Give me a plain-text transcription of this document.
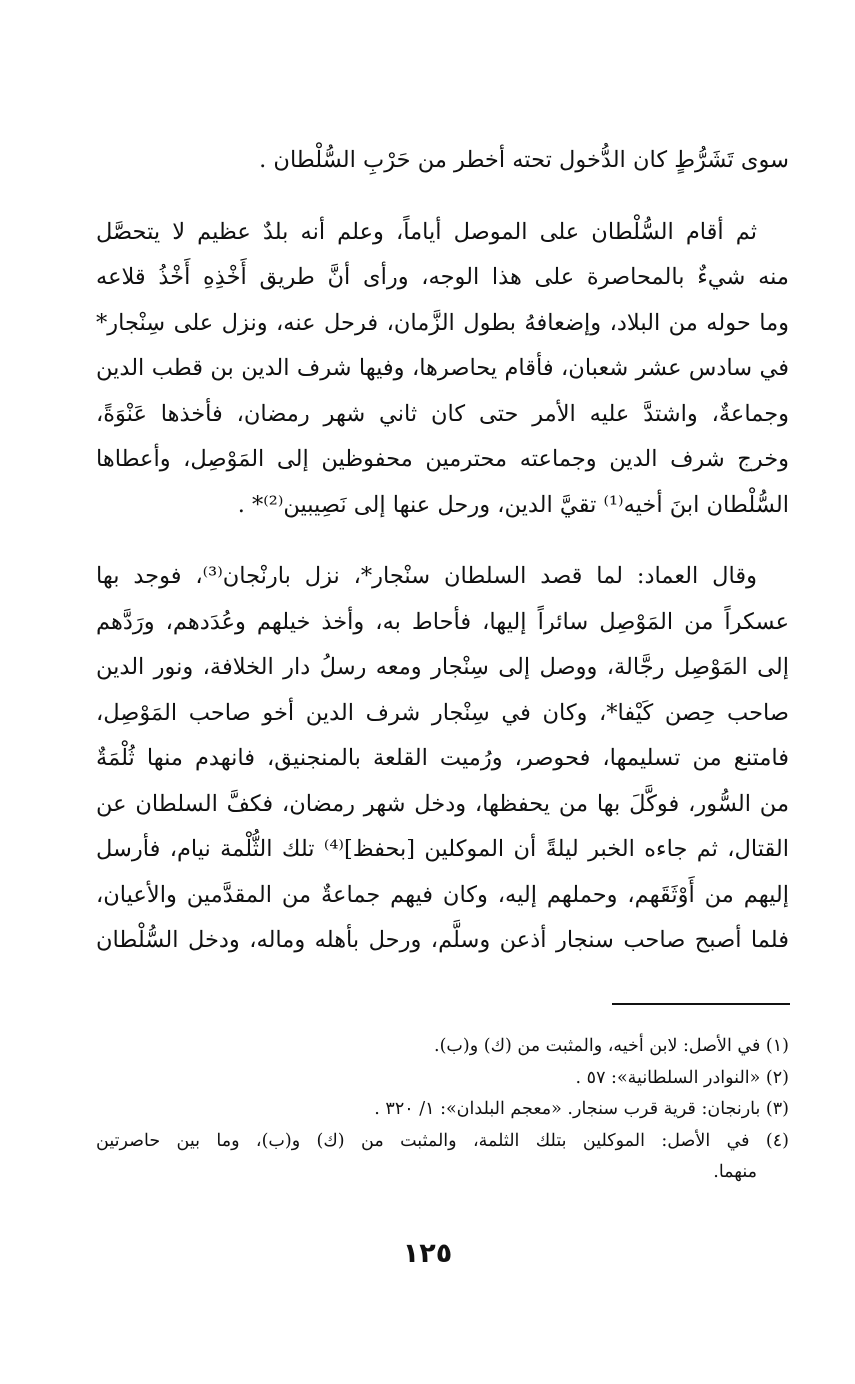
سوى تَشَرُّطٍ كان الدُّخول تحته أخطر من حَرْبِ السُّلْطان .
ثم أقام السُّلْطان على الموصل أياماً، وعلم أنه بلدٌ عظيم لا يتحصَّل
منه شيءٌ بالمحاصرة على هذا الوجه، ورأى أنَّ طريق أَخْذِهِ أَخْذُ قلاعه
وما حوله من البلاد، وإضعافهُ بطول الزَّمان، فرحل عنه، ونزل على سِنْجار*
في سادس عشر شعبان، فأقام يحاصرها، وفيها شرف الدين بن قطب الدين
وجماعةٌ، واشتدَّ عليه الأمر حتى كان ثاني شهر رمضان، فأخذها عَنْوَةً،
وخرج شرف الدين وجماعته محترمين محفوظين إلى المَوْصِل، وأعطاها
السُّلْطان ابنَ أخيه⁽¹⁾ تقيَّ الدين، ورحل عنها إلى نَصِيبين⁽²⁾* .
وقال العماد: لما قصد السلطان سنْجار*، نزل بارنْجان⁽³⁾، فوجد بها
عسكراً من المَوْصِل سائراً إليها، فأحاط به، وأخذ خيلهم وعُدَدهم، ورَدَّهم
إلى المَوْصِل رجَّالة، ووصل إلى سِنْجار ومعه رسلُ دار الخلافة، ونور الدين
صاحب حِصن كَيْفا*، وكان في سِنْجار شرف الدين أخو صاحب المَوْصِل،
فامتنع من تسليمها، فحوصر، ورُميت القلعة بالمنجنيق، فانهدم منها ثُلْمَةٌ
من السُّور، فوكَّلَ بها من يحفظها، ودخل شهر رمضان، فكفَّ السلطان عن
القتال، ثم جاءه الخبر ليلةً أن الموكلين [بحفظ]⁽⁴⁾ تلك الثُّلْمة نيام، فأرسل
إليهم من أَوْثَقَهم، وحملهم إليه، وكان فيهم جماعةٌ من المقدَّمين والأعيان،
فلما أصبح صاحب سنجار أذعن وسلَّم، ورحل بأهله وماله، ودخل السُّلْطان
(١) في الأصل: لابن أخيه، والمثبت من (ك) و(ب).
(٢) «النوادر السلطانية»: ٥٧ .
(٣) بارنجان: قرية قرب سنجار. «معجم البلدان»: ١/ ٣٢٠ .
(٤) في الأصل: الموكلين بتلك الثلمة، والمثبت من (ك) و(ب)، وما بين حاصرتين
منهما.
١٢٥
